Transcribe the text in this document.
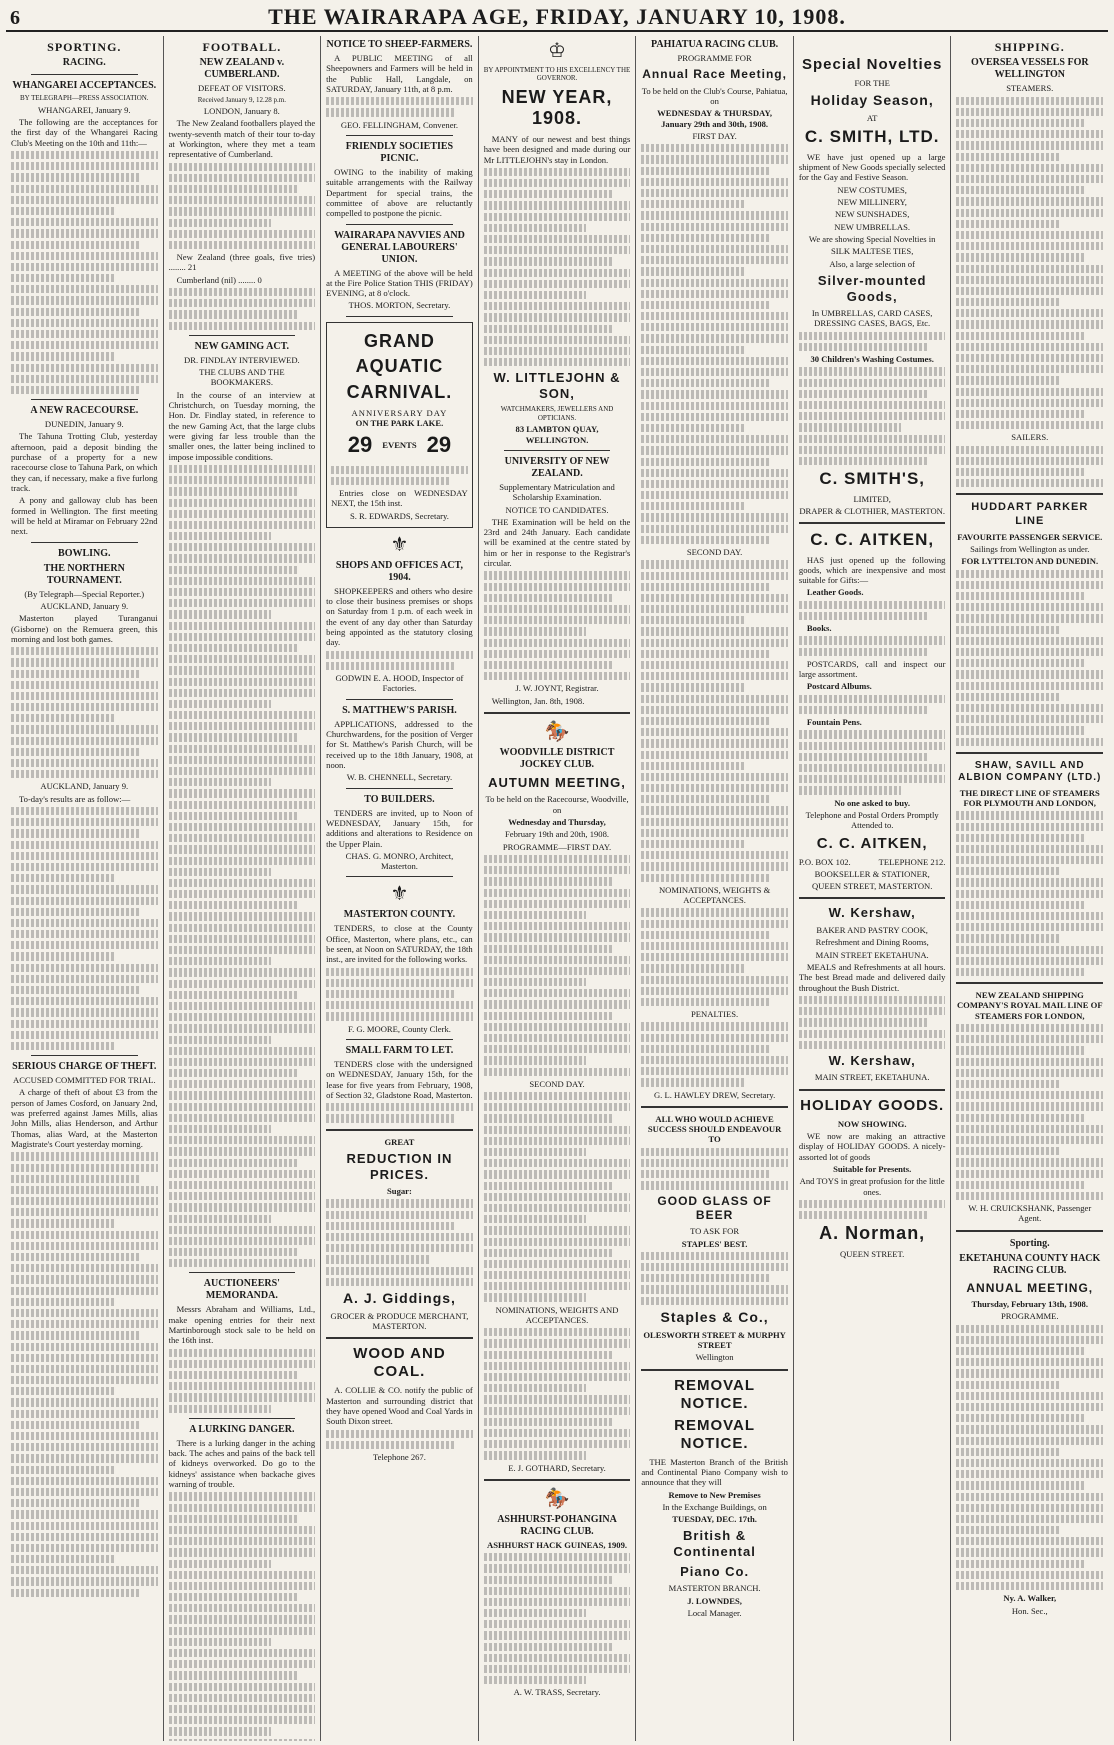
6	THE WAIRARAPA AGE, FRIDAY, JANUARY 10, 1908.
SPORTING.
RACING.
WHANGAREI ACCEPTANCES.

BY TELEGRAPH—PRESS ASSOCIATION.

WHANGAREI, January 9.

The following are the acceptances for the first day of the Whangarei Racing Club's Meeting on the 10th and 11th:—

A NEW RACECOURSE.

DUNEDIN, January 9.

The Tahuna Trotting Club, yesterday afternoon, paid a deposit binding the purchase of a property for a new racecourse close to Tahuna Park, on which they can, if necessary, make a five furlong track.

A pony and galloway club has been formed in Wellington. The first meeting will be held at Miramar on February 22nd next.

BOWLING.
THE NORTHERN TOURNAMENT.

(By Telegraph—Special Reporter.)

AUCKLAND, January 9.

Masterton played Turanganui (Gisborne) on the Remuera green, this morning and lost both games.

AUCKLAND, January 9.

To-day's results are as follow:—

SERIOUS CHARGE OF THEFT.

ACCUSED COMMITTED FOR TRIAL.

A charge of theft of about £3 from the person of James Cosford, on January 2nd, was preferred against James Mills, alias John Mills, alias Henderson, and Arthur Thomas, alias Ward, at the Masterton Magistrate's Court yesterday morning.

FOOTBALL.
NEW ZEALAND v. CUMBERLAND.

DEFEAT OF VISITORS.

Received January 9, 12.28 p.m.

LONDON, January 8.

The New Zealand footballers played the twenty-seventh match of their tour to-day at Workington, where they met a team representative of Cumberland.

New Zealand (three goals, five tries) ........ 21

Cumberland (nil) ........ 0

NEW GAMING ACT.

DR. FINDLAY INTERVIEWED.

THE CLUBS AND THE BOOKMAKERS.

In the course of an interview at Christchurch, on Tuesday morning, the Hon. Dr. Findlay stated, in reference to the new Gaming Act, that the large clubs were giving far less trouble than the smaller ones, the latter being inclined to impose impossible conditions.

AUCTIONEERS' MEMORANDA.

Messrs Abraham and Williams, Ltd., make opening entries for their next Martinborough stock sale to be held on the 16th inst.

A LURKING DANGER.

There is a lurking danger in the aching back. The aches and pains of the back tell of kidneys overworked. Do go to the kidneys' assistance when backache gives warning of trouble.

NOTICE TO SHEEP-FARMERS.

A PUBLIC MEETING of all Sheepowners and Farmers will be held in the Public Hall, Langdale, on SATURDAY, January 11th, at 8 p.m.

GEO. FELLINGHAM, Convener.

FRIENDLY SOCIETIES PICNIC.

OWING to the inability of making suitable arrangements with the Railway Department for special trains, the committee of above are reluctantly compelled to postpone the picnic.

WAIRARAPA NAVVIES AND GENERAL LABOURERS' UNION.

A MEETING of the above will be held at the Fire Police Station THIS (FRIDAY) EVENING, at 8 o'clock.

THOS. MORTON, Secretary.

GRAND
AQUATIC
CARNIVAL.
ANNIVERSARY DAY
ON THE PARK LAKE.
29 EVENTS 29

Entries close on WEDNESDAY NEXT, the 15th inst.

S. R. EDWARDS, Secretary.

⚜
SHOPS AND OFFICES ACT, 1904.

SHOPKEEPERS and others who desire to close their business premises or shops on Saturday from 1 p.m. of each week in the event of any day other than Saturday being appointed as the statutory closing day.

GODWIN E. A. HOOD, Inspector of Factories.

S. MATTHEW'S PARISH.

APPLICATIONS, addressed to the Churchwardens, for the position of Verger for St. Matthew's Parish Church, will be received up to the 18th January, 1908, at noon.

W. B. CHENNELL, Secretary.

TO BUILDERS.

TENDERS are invited, up to Noon of WEDNESDAY, January 15th, for additions and alterations to Residence on the Upper Plain.

CHAS. G. MONRO, Architect, Masterton.

⚜
MASTERTON COUNTY.

TENDERS, to close at the County Office, Masterton, where plans, etc., can be seen, at Noon on SATURDAY, the 18th inst., are invited for the following works.

F. G. MOORE, County Clerk.

SMALL FARM TO LET.

TENDERS close with the undersigned on WEDNESDAY, January 15th, for the lease for five years from February, 1908, of Section 32, Gladstone Road, Masterton.

GREAT
REDUCTION IN PRICES.
Sugar:
A. J. Giddings,

GROCER & PRODUCE MERCHANT, MASTERTON.

WOOD AND COAL.

A. COLLIE & CO. notify the public of Masterton and surrounding district that they have opened Wood and Coal Yards in South Dixon street.

Telephone 267.

♔

BY APPOINTMENT TO HIS EXCELLENCY THE GOVERNOR.

NEW YEAR, 1908.

MANY of our newest and best things have been designed and made during our Mr LITTLEJOHN's stay in London.

W. LITTLEJOHN & SON,

WATCHMAKERS, JEWELLERS AND OPTICIANS.

83 LAMBTON QUAY, WELLINGTON.

UNIVERSITY OF NEW ZEALAND.

Supplementary Matriculation and Scholarship Examination.

NOTICE TO CANDIDATES.

THE Examination will be held on the 23rd and 24th January. Each candidate will be examined at the centre stated by him or her in response to the Registrar's circular.

J. W. JOYNT, Registrar.

Wellington, Jan. 8th, 1908.

🏇
WOODVILLE DISTRICT JOCKEY CLUB.
AUTUMN MEETING,

To be held on the Racecourse, Woodville, on

Wednesday and Thursday,

February 19th and 20th, 1908.

PROGRAMME—FIRST DAY.

SECOND DAY.

NOMINATIONS, WEIGHTS AND ACCEPTANCES.

E. J. GOTHARD, Secretary.

🏇
ASHHURST-POHANGINA RACING CLUB.

ASHHURST HACK GUINEAS, 1909.

A. W. TRASS, Secretary.

PAHIATUA RACING CLUB.

PROGRAMME FOR

Annual Race Meeting,

To be held on the Club's Course, Pahiatua, on

WEDNESDAY & THURSDAY, January 29th and 30th, 1908.

FIRST DAY.

SECOND DAY.

NOMINATIONS, WEIGHTS & ACCEPTANCES.

PENALTIES.

G. L. HAWLEY DREW, Secretary.

ALL WHO WOULD ACHIEVE SUCCESS SHOULD ENDEAVOUR TO

GOOD GLASS OF BEER

TO ASK FOR

STAPLES' BEST.

Staples & Co.,

OLESWORTH STREET & MURPHY STREET

Wellington

REMOVAL NOTICE.
REMOVAL NOTICE.

THE Masterton Branch of the British and Continental Piano Company wish to announce that they will

Remove to New Premises

In the Exchange Buildings, on

TUESDAY, DEC. 17th.

British & Continental
Piano Co.

MASTERTON BRANCH.

J. LOWNDES,

Local Manager.

Special Novelties

FOR THE

Holiday Season,

AT

C. SMITH, LTD.

WE have just opened up a large shipment of New Goods specially selected for the Gay and Festive Season.

NEW COSTUMES,

NEW MILLINERY,

NEW SUNSHADES,

NEW UMBRELLAS.

We are showing Special Novelties in

SILK MALTESE TIES,

Also, a large selection of

Silver-mounted Goods,

In UMBRELLAS, CARD CASES, DRESSING CASES, BAGS, Etc.

30 Children's Washing Costumes.

C. SMITH'S,

LIMITED,

DRAPER & CLOTHIER, MASTERTON.

C. C. AITKEN,

HAS just opened up the following goods, which are inexpensive and most suitable for Gifts:—

Leather Goods.

Books.

POSTCARDS, call and inspect our large assortment.

Postcard Albums.

Fountain Pens.

No one asked to buy.

Telephone and Postal Orders Promptly Attended to.

C. C. AITKEN,
P.O. BOX 102.	TELEPHONE 212.

BOOKSELLER & STATIONER,

QUEEN STREET, MASTERTON.

W. Kershaw,

BAKER AND PASTRY COOK,

Refreshment and Dining Rooms,

MAIN STREET EKETAHUNA.

MEALS and Refreshments at all hours. The best Bread made and delivered daily throughout the Bush District.

W. Kershaw,

MAIN STREET, EKETAHUNA.

HOLIDAY GOODS.

NOW SHOWING.

WE now are making an attractive display of HOLIDAY GOODS. A nicely-assorted lot of goods

Suitable for Presents.

And TOYS in great profusion for the little ones.

A. Norman,

QUEEN STREET.

SHIPPING.
OVERSEA VESSELS FOR WELLINGTON

STEAMERS.

SAILERS.

HUDDART PARKER LINE

FAVOURITE PASSENGER SERVICE.

Sailings from Wellington as under.

FOR LYTTELTON AND DUNEDIN.

SHAW, SAVILL AND ALBION COMPANY (LTD.)

THE DIRECT LINE OF STEAMERS FOR PLYMOUTH AND LONDON,

NEW ZEALAND SHIPPING COMPANY'S ROYAL MAIL LINE OF STEAMERS FOR LONDON,

W. H. CRUICKSHANK, Passenger Agent.

Sporting.
EKETAHUNA COUNTY HACK RACING CLUB.
ANNUAL MEETING,

Thursday, February 13th, 1908.

PROGRAMME.

Ny. A. Walker,

Hon. Sec.,
